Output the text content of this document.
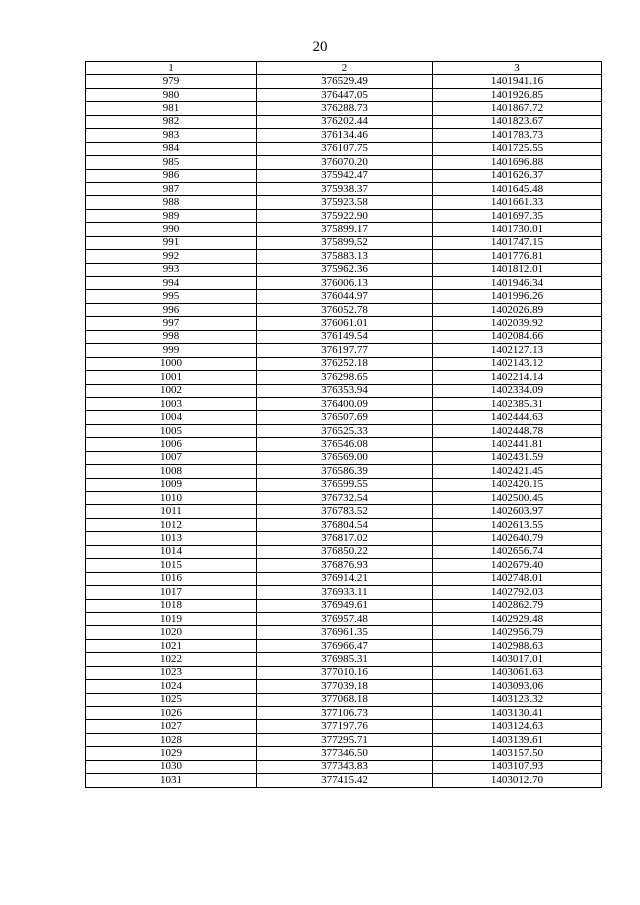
20
1	2	3
979	376529.49	1401941.16
980	376447.05	1401926.85
981	376288.73	1401867.72
982	376202.44	1401823.67
983	376134.46	1401783.73
984	376107.75	1401725.55
985	376070.20	1401696.88
986	375942.47	1401626.37
987	375938.37	1401645.48
988	375923.58	1401661.33
989	375922.90	1401697.35
990	375899.17	1401730.01
991	375899.52	1401747.15
992	375883.13	1401776.81
993	375962.36	1401812.01
994	376006.13	1401946.34
995	376044.97	1401996.26
996	376052.78	1402026.89
997	376061.01	1402039.92
998	376149.54	1402084.66
999	376197.77	1402127.13
1000	376252.18	1402143.12
1001	376298.65	1402214.14
1002	376353.94	1402334.09
1003	376400.09	1402385.31
1004	376507.69	1402444.63
1005	376525.33	1402448.78
1006	376546.08	1402441.81
1007	376569.00	1402431.59
1008	376586.39	1402421.45
1009	376599.55	1402420.15
1010	376732.54	1402500.45
1011	376783.52	1402603.97
1012	376804.54	1402613.55
1013	376817.02	1402640.79
1014	376850.22	1402656.74
1015	376876.93	1402679.40
1016	376914.21	1402748.01
1017	376933.11	1402792.03
1018	376949.61	1402862.79
1019	376957.48	1402929.48
1020	376961.35	1402956.79
1021	376966.47	1402988.63
1022	376985.31	1403017.01
1023	377010.16	1403061.63
1024	377039.18	1403093.06
1025	377068.18	1403123.32
1026	377106.73	1403130.41
1027	377197.76	1403124.63
1028	377295.71	1403139.61
1029	377346.50	1403157.50
1030	377343.83	1403107.93
1031	377415.42	1403012.70
